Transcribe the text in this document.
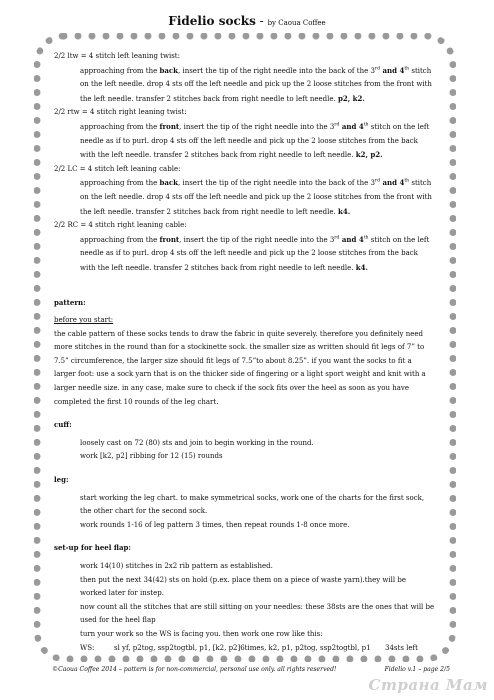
Fidelio socks - by Caoua Coffee

2/2 ltw = 4 stitch left leaning twist:

approaching from the back, insert the tip of the right needle into the back of the 3rd and 4th stitch

on the left needle. drop 4 sts off the left needle and pick up the 2 loose stitches from the front with

the left needle. transfer 2 stitches back from right needle to left needle. p2, k2.

2/2 rtw = 4 stitch right leaning twist:

approaching from the front, insert the tip of the right needle into the 3rd and 4th stitch on the left

needle as if to purl. drop 4 sts off the left needle and pick up the 2 loose stitches from the back

with the left needle. transfer 2 stitches back from right needle to left needle. k2, p2.

2/2 LC = 4 stitch left leaning cable:

approaching from the back, insert the tip of the right needle into the back of the 3rd and 4th stitch

on the left needle. drop 4 sts off the left needle and pick up the 2 loose stitches from the front with

the left needle. transfer 2 stitches back from right needle to left needle. k4.

2/2 RC = 4 stitch right leaning cable:

approaching from the front, insert the tip of the right needle into the 3rd and 4th stitch on the left

needle as if to purl. drop 4 sts off the left needle and pick up the 2 loose stitches from the back

with the left needle. transfer 2 stitches back from right needle to left needle. k4.

pattern:

before you start:

the cable pattern of these socks tends to draw the fabric in quite severely. therefore you definitely need

more stitches in the round than for a stockinette sock. the smaller size as written should fit legs of 7” to

7.5” circumference, the larger size should fit legs of 7.5”to about 8.25”. if you want the socks to fit a

larger foot: use a sock yarn that is on the thicker side of fingering or a light sport weight and knit with a

larger needle size. in any case, make sure to check if the sock fits over the heel as soon as you have

completed the first 10 rounds of the leg chart.

cuff:

loosely cast on 72 (80) sts and join to begin working in the round.

work [k2, p2] ribbing for 12 (15) rounds

leg:

start working the leg chart. to make symmetrical socks, work one of the charts for the first sock,

the other chart for the second sock.

work rounds 1-16 of leg pattern 3 times, then repeat rounds 1-8 once more.

set-up for heel flap:

work 14(10) stitches in 2x2 rib pattern as established.

then put the next 34(42) sts on hold (p.ex. place them on a piece of waste yarn).they will be

worked later for instep.

now count all the stitches that are still sitting on your needles: these 38sts are the ones that will be

used for the heel flap

turn your work so the WS is facing you. then work one row like this:

WS:	sl yf, p2tog, ssp2togtbl, p1, [k2, p2]6times, k2, p1, p2tog, ssp2togtbl, p1	34sts left
©Caoua Coffee 2014 – pattern is for non-commercial, personal use only. all rights reserved!	Fidelio v.1 – page 2/5
Страна Мам
